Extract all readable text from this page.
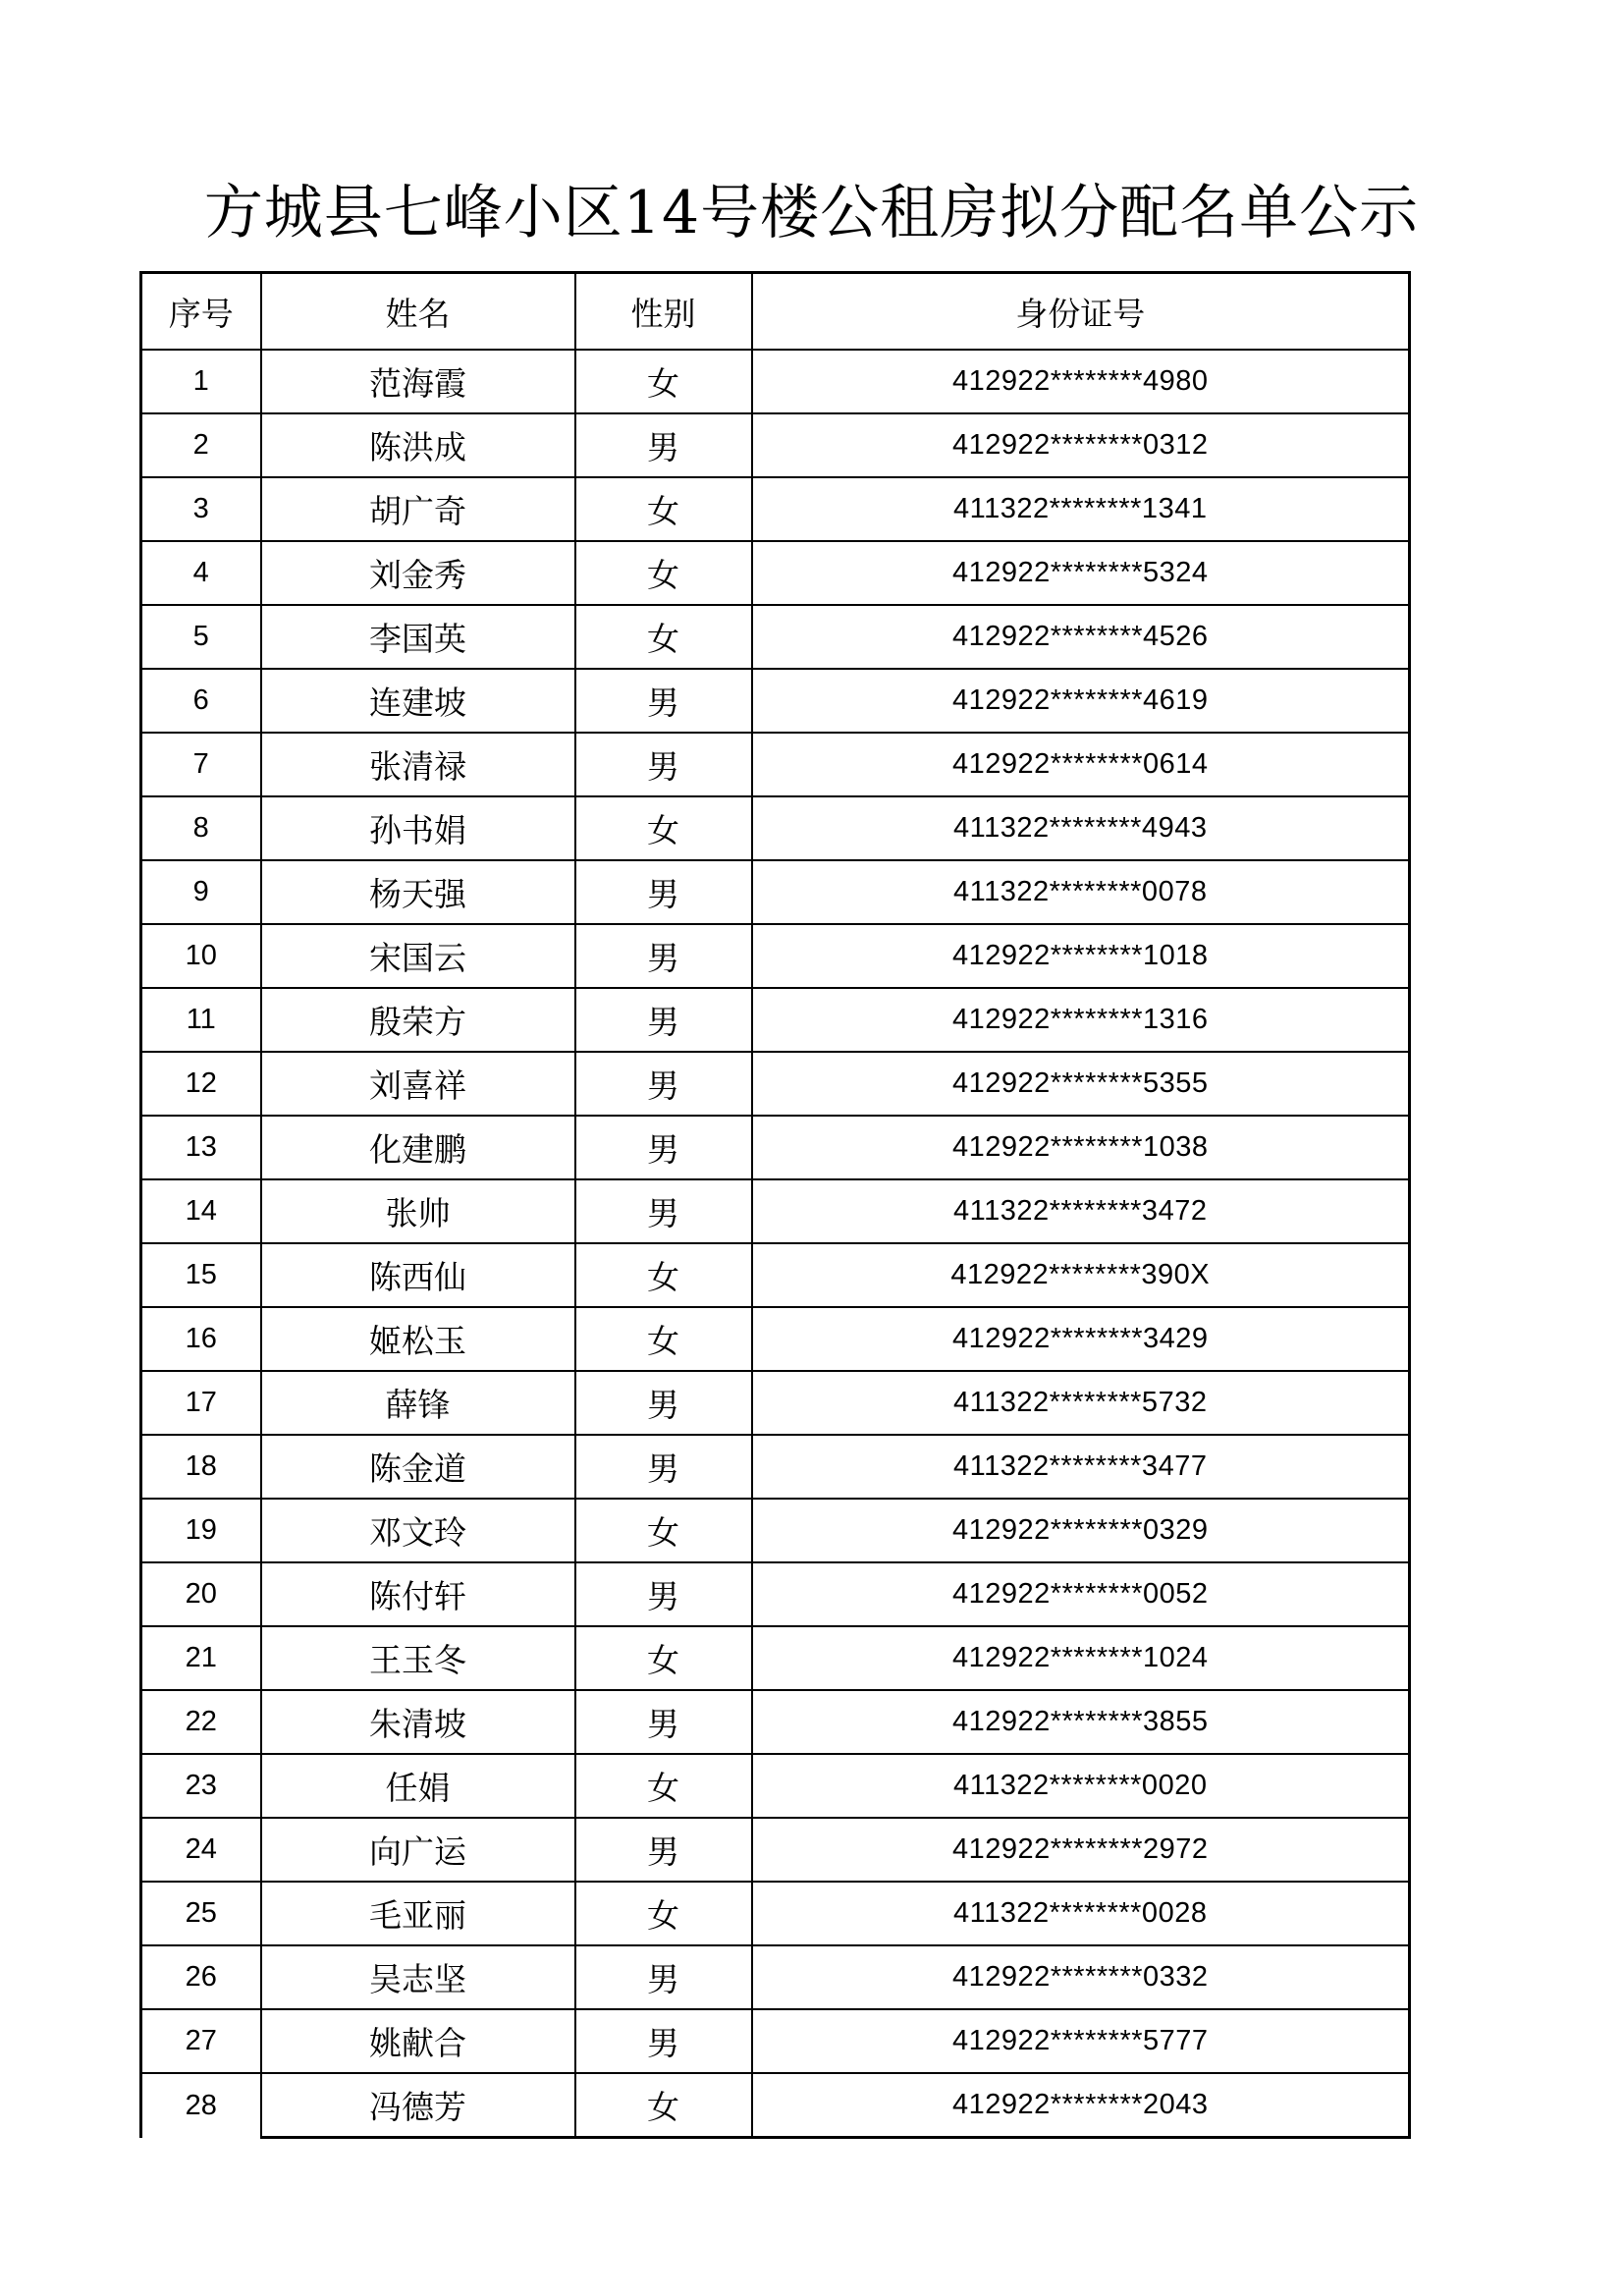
方城县七峰小区14号楼公租房拟分配名单公示
序号	姓名	性别	身份证号
1	范海霞	女	412922********4980
2	陈洪成	男	412922********0312
3	胡广奇	女	411322********1341
4	刘金秀	女	412922********5324
5	李国英	女	412922********4526
6	连建坡	男	412922********4619
7	张清禄	男	412922********0614
8	孙书娟	女	411322********4943
9	杨天强	男	411322********0078
10	宋国云	男	412922********1018
11	殷荣方	男	412922********1316
12	刘喜祥	男	412922********5355
13	化建鹏	男	412922********1038
14	张帅	男	411322********3472
15	陈西仙	女	412922********390X
16	姬松玉	女	412922********3429
17	薛锋	男	411322********5732
18	陈金道	男	411322********3477
19	邓文玲	女	412922********0329
20	陈付轩	男	412922********0052
21	王玉冬	女	412922********1024
22	朱清坡	男	412922********3855
23	任娟	女	411322********0020
24	向广运	男	412922********2972
25	毛亚丽	女	411322********0028
26	吴志坚	男	412922********0332
27	姚献合	男	412922********5777
28	冯德芳	女	412922********2043
